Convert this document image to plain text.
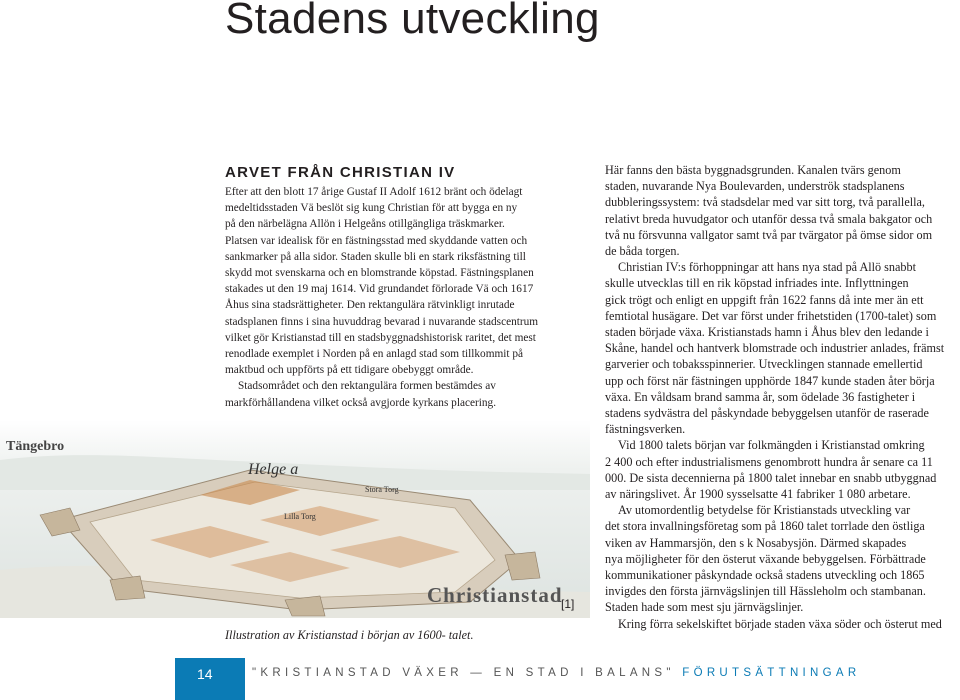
Stadens utveckling
ARVET FRÅN CHRISTIAN IV
Efter att den blott 17 årige Gustaf II Adolf 1612 bränt och ödelagt
medeltidsstaden Vä beslöt sig kung Christian för att bygga en ny
på den närbelägna Allön i Helgeåns otillgängliga träskmarker.
Platsen var idealisk för en fästningsstad med skyddande vatten och
sankmarker på alla sidor. Staden skulle bli en stark riksfästning till
skydd mot svenskarna och en blomstrande köpstad. Fästningsplanen
stakades ut den 19 maj 1614. Vid grundandet förlorade Vä och 1617
Åhus sina stadsrättigheter. Den rektangulära rätvinkligt inrutade
stadsplanen finns i sina huvuddrag bevarad i nuvarande stadscentrum
vilket gör Kristianstad till en stadsbyggnadshistorisk raritet, det mest
renodlade exemplet i Norden på en anlagd stad som tillkommit på
maktbud och uppförts på ett tidigare obebyggt område.
Stadsområdet och den rektangulära formen bestämdes av
markförhållandena vilket också avgjorde kyrkans placering.
Tängebro
Helge a
Stora Torg
Lilla Torg
Christianstad
[1]
Illustration av Kristianstad i början av 1600- talet.
Här fanns den bästa byggnadsgrunden. Kanalen tvärs genom
staden, nuvarande Nya Boulevarden, underströk stadsplanens
dubbleringssystem: två stadsdelar med var sitt torg, två parallella,
relativt breda huvudgator och utanför dessa två smala bakgator och
två nu försvunna vallgator samt två par tvärgator på ömse sidor om
de båda torgen.
Christian IV:s förhoppningar att hans nya stad på Allö snabbt
skulle utvecklas till en rik köpstad infriades inte. Inflyttningen
gick trögt och enligt en uppgift från 1622 fanns då inte mer än ett
femtiotal husägare. Det var först under frihetstiden (1700-talet) som
staden började växa. Kristianstads hamn i Åhus blev den ledande i
Skåne, handel och hantverk blomstrade och industrier anlades, främst
garverier och tobaksspinnerier. Utvecklingen stannade emellertid
upp och först när fästningen upphörde 1847 kunde staden åter börja
växa. En våldsam brand samma år, som ödelade 36 fastigheter i
stadens sydvästra del påskyndade bebyggelsen utanför de raserade
fästningsverken.
Vid 1800 talets början var folkmängden i Kristianstad omkring
2 400 och efter industrialismens genombrott hundra år senare ca 11
000. De sista decennierna på 1800 talet innebar en snabb utbyggnad
av näringslivet. År 1900 sysselsatte 41 fabriker 1 080 arbetare.
Av utomordentlig betydelse för Kristianstads utveckling var
det stora invallningsföretag som på 1860 talet torrlade den östliga
viken av Hammarsjön, den s k Nosabysjön. Därmed skapades
nya möjligheter för den österut växande bebyggelsen. Förbättrade
kommunikationer påskyndade också stadens utveckling och 1865
invigdes den första järnvägslinjen till Hässleholm och stambanan.
Staden hade som mest sju järnvägslinjer.
Kring förra sekelskiftet började staden växa söder och österut med
14	"KRISTIANSTAD VÄXER — EN STAD I BALANS" FÖRUTSÄTTNINGAR
